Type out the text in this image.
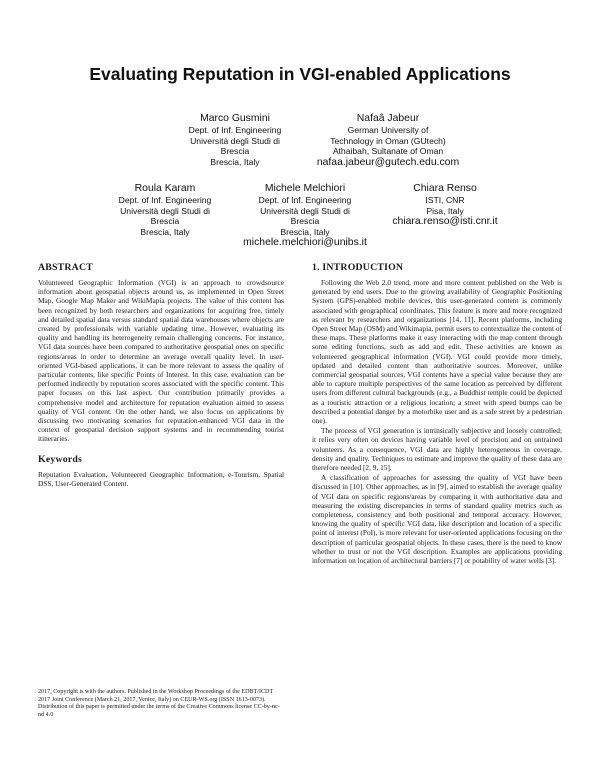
Evaluating Reputation in VGI-enabled Applications
Marco Gusmini
Dept. of Inf. Engineering
Università degli Studi di
Brescia
Brescia, Italy
Nafaâ Jabeur
German University of
Technology in Oman (GUtech)
Athaibah, Sultanate of Oman
nafaa.jabeur@gutech.edu.com
Roula Karam
Dept. of Inf. Engineering
Università degli Studi di
Brescia
Brescia, Italy
Michele Melchiori
Dept. of Inf. Engineering
Università degli Studi di
Brescia
Brescia, Italy
michele.melchiori@unibs.it
Chiara Renso
ISTI, CNR
Pisa, Italy
chiara.renso@isti.cnr.it
ABSTRACT

Volunteered Geographic Information (VGI) is an approach to crowdsource information about geospatial objects around us, as implemented in Open Street Map, Google Map Maker and WikiMapia projects. The value of this content has been recognized by both researchers and organizations for acquiring free, timely and detailed spatial data versus standard spatial data warehouses where objects are created by professionals with variable updating time. However, evaluating its quality and handling its heterogeneity remain challenging concerns. For instance, VGI data sources have been compared to authoritative geospatial ones on specific regions/areas in order to determine an average overall quality level. In user-oriented VGI-based applications, it can be more relevant to assess the quality of particular contents, like specific Points of Interest. In this case, evaluation can be performed indirectly by reputation scores associated with the specific content. This paper focuses on this last aspect. Our contribution primarily provides a comprehensive model and architecture for reputation evaluation aimed to assess quality of VGI content. On the other hand, we also focus on applications by discussing two motivating scenarios for reputation-enhanced VGI data in the context of geospatial decision support systems and in recommending tourist itineraries.

Keywords

Reputation Evaluation, Volunteered Geographic Information, e-Tourism, Spatial DSS, User-Generated Content.

2017, Copyright is with the authors. Published in the Workshop Proceedings of the EDBT/ICDT 2017 Joint Conference (March 21, 2017, Venice, Italy) on CEUR-WS.org (ISSN 1613-0073). Distribution of this paper is permitted under the terms of the Creative Commons license CC-by-nc-nd 4.0
1. INTRODUCTION

Following the Web 2.0 trend, more and more content published on the Web is generated by end users. Due to the growing availability of Geographic Positioning System (GPS)-enabled mobile devices, this user-generated content is commonly associated with geographical coordinates. This feature is more and more recognized as relevant by researchers and organizations [14, 11]. Recent platforms, including Open Street Map (OSM) and Wikimapia, permit users to contextualize the content of these maps. These platforms make it easy interacting with the map content through some editing functions, such as add and edit. These activities are known as volunteered geographical information (VGI). VGI could provide more timely, updated and detailed content than authoritative sources. Moreover, unlike commercial geospatial sources, VGI contents have a special value because they are able to capture multiple perspectives of the same location as perceived by different users from different cultural backgrounds (e.g., a Buddhist temple could be depicted as a touristic attraction or a religious location; a street with speed bumps can be described a potential danger by a motorbike user and as a safe street by a pedestrian one).

The process of VGI generation is intrinsically subjective and loosely controlled; it relies very often on devices having variable level of precision and on untrained volunteers. As a consequence, VGI data are highly heterogeneous in coverage, density and quality. Techniques to estimate and improve the quality of these data are therefore needed [2, 9, 15].

A classification of approaches for assessing the quality of VGI have been discussed in [10]. Other approaches, as in [9], aimed to establish the average quality of VGI data on specific regions/areas by comparing it with authoritative data and measuring the existing discrepancies in terms of standard quality metrics such as completeness, consistency and both positional and temporal accuracy. However, knowing the quality of specific VGI data, like description and location of a specific point of interest (PoI), is more relevant for user-oriented applications focusing on the description of particular geospatial objects. In these cases, there is the need to know whether to trust or not the VGI description. Examples are applications providing information on location of architectural barriers [7] or potability of water wells [3].
